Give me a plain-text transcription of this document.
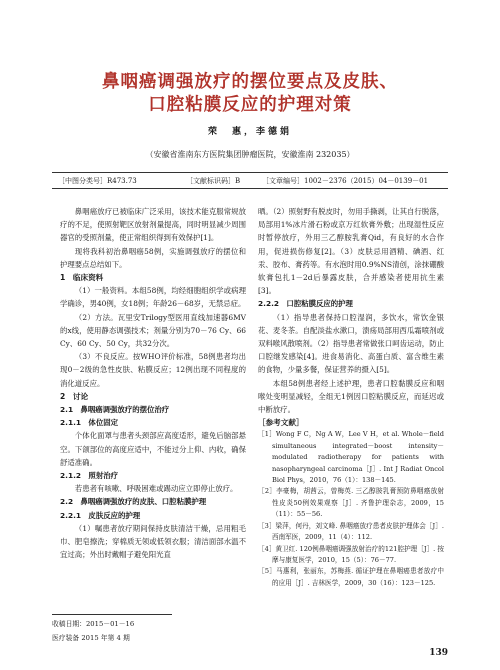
鼻咽癌调强放疗的摆位要点及皮肤、
口腔粘膜反应的护理对策
荣　惠，李德娟
（安徽省淮南东方医院集团肿瘤医院，安徽淮南 232035）
［中图分类号］R473.73	［文献标识码］B	［文章编号］1002－2376（2015）04－0139－01

鼻咽癌放疗已被临床广泛采用，该技术能克服常规放疗的不足，使照射靶区放射剂量提高，同时明显减少周围器官的受照剂量，使正常组织得到有效保护[1]。

现将我科初治鼻咽癌58例，实施调强放疗的摆位和护理要点总结如下。

1　临床资料

（1）一般资料。本组58例，均经细胞组织学或病理学确诊，男40例，女18例；年龄26－68岁，无禁忌症。

（2）方法。瓦里安Trilogy型医用直线加速器6MV的x线，使用静态调强技术；剂量分别为70－76 Cy、66 Cy、60 Cy、50 Cy，共32分次。

（3）不良反应。按WHO评价标准，58例患者均出现0－2级的急性皮肤、粘膜反应；12例出现不同程度的消化道反应。

2　讨论

2.1　鼻咽癌调强放疗的摆位治疗

2.1.1　体位固定

个体化面罩与患者头颈部应高度适形，避免后脑部悬空。下颌部位的高度应适中，不能过分上仰、内收，确保舒适准确。

2.1.2　照射治疗

若患者有咳嗽、呼吸困难或踢动应立即停止放疗。

2.2　鼻咽癌调强放疗的皮肤、口腔粘膜护理

2.2.1　皮肤反应的护理

（1）嘱患者放疗期间保持皮肤清洁干燥，忌用粗毛巾、肥皂擦洗；穿棉质无领或低领衣服；清洁面部水温不宜过高；外出时戴帽子避免阳光直

晒。（2）照射野有脱皮时，勿用手撕剥，让其自行脱落，局部用1%冰片滑石粉或京万红软膏外敷；出现湿性反应时暂停放疗，外用三乙醇胺乳膏Qid，有良好的水合作用，促进损伤修复[2]。（3）皮肤忌用酒精、碘酒、红汞、胶布、膏药等。有水泡时用0.9%NS清创，涂抹硼酸软膏包扎1－2d后暴露皮肤，合并感染者使用抗生素[3]。

2.2.2　口腔粘膜反应的护理

（1）指导患者保持口腔湿润，多饮水，常饮金银花、麦冬茶。自配淡盐水漱口，溃疡局部用西瓜霜喷剂或双料喉风散喷剂。（2）指导患者常做张口呵齿运动，防止口腔继发感染[4]。进食易消化、高蛋白质、富含维生素的食物，少量多餐，保证营养的摄入[5]。

本组58例患者经上述护理，患者口腔黏膜反应和咽喉处变明显减轻，全组无1例因口腔粘膜反应，而延迟或中断放疗。

［参考文献］

［1］Wong F C，Ng A W，Lee V H，et al. Whole－field simultaneous integrated－boost intensity－modulated radiotherapy for patients with nasopharyngeal carcinoma［J］. Int J Radiat Oncol Biol Phys，2010，76（1）：138－145.

［2］李豪梅，胡茜云，曾梅英. 三乙醇胺乳膏预防鼻咽癌放射性皮炎50例效果观察［J］. 齐鲁护理杂志，2009，15（11）：55－56.

［3］梁萍，何丹，刘文峰. 鼻咽癌放疗患者皮肤护理体会［J］. 西南军医，2009，11（4）：112.

［4］黄卫红. 120例鼻咽癌调强放射治疗的121腔护理［J］. 按摩与康复医学，2010，15（5）：76－77.

［5］马惠利，张丽东，苏梅燕. 循证护理在鼻咽癌患者放疗中的应用［J］. 吉林医学，2009，30（16）：123－125.

收稿日期：2015－01－16
医疗装备 2015 年第 4 期
139
